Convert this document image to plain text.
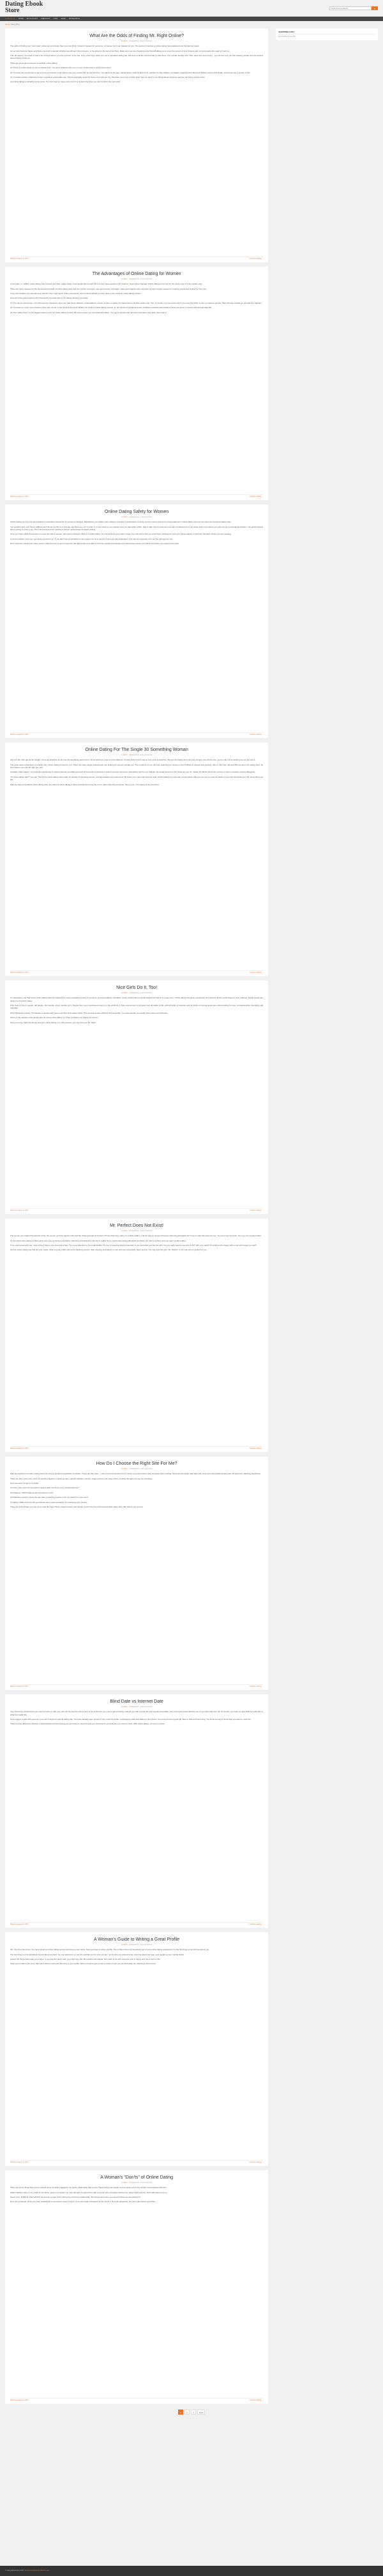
Dating Ebook Store
Search for products	⌕
CATALOG (0) HOME MY ACCOUNT CHECKOUT CART SHOP DATING BLOG
Home / Dating Blog
What Are the Odds of Finding Mr. Right Online?
by admin · Uncategorized · Leave a comment

The odds of finding your "soul mate" online are a lot better than you may think. It doesn't happen for everyone, of course, but it can happen for you. The secret of internet or online dating has explained over the last few years.

As our lives become busier and busier we tend to wonder whether we will ever find someone, or be alone for the rest of our lives. Make sure you are choosing a site that will allow you to meet the person of your dreams and not just people who want to hook up.

The old saying, "You have to kiss a lot of frogs before you find a prince" is so true. Only a few frogs when you use a reputable dating site, and look at all the pictures that go with them. For a small monthly fee? Then save time and money... you can be sure you are meeting people who are serious about finding someone.

There are a few good reasons to consider online dating:

(1) There is a wide range of men to choose from. You aren't limited to the men in your social circle or work environment.

(2) You have the opportunity to get to know a bit about a man before you ever contact him for the first time. You will know his age, marital status, what he likes to do, whether he has children, his height, weight and his likes and dislikes all from his profile. You'll even see a picture of him.

(3) You have a better chance to protect yourself in a favorable way. This is especially useful for those of us who are shy. We have more time to think about how we want to say things about ourselves and we can freely express them.

(4) Online dating is certainly a time saver. You can meet so many more men in a lot less time than you ever could in the real world.

Posted on August 11, 2017	Continue reading →
The Advantages of Online Dating for Women
by admin · Uncategorized · Leave a comment

In the past, i.e. 1990's, online dating was a brand new idea. Unlike today, most people did not own PC's or even have access to the internet. Times have changed. Online dating is not only for the nerdy ones. It's the modern way.

There are many reasons for the phenomenal growth of online dating sites and the number of people, men and women of all ages, races and religions who use them as their primary source for meeting people and looking for "the one".

If you don't believe me, just ask your friends in the "real" world. If they are honest, most of them will tell you they have or are using an online dating service.

Here are three good reasons why thousands of people sign up for dating services everyday:

(1) You can be anonymous. You will never be required to give your real name, address, email address, phone number, or place of employment to another online user. You, of course, may do so but only if your new friendship is one you want to pursue. Sites will only contact you through the website.

(2) You have so many more choices online that you do in your local social world. Before the world of online dating opened up, the choice of friends and even of lifetime partners was limited to those we came in contact with through daily life.

(3) The "safety factor" is the biggest reason of all. No online dating service will never reveal your personal information. You get to choose who has that information and when they have it.

Posted on August 11, 2017	Continue reading →
Online Dating Safety for Women
by admin · Uncategorized · Leave a comment

Online dating can be a fun and certainly a rewarding experience for women of all ages. Maintaining your safety when dating is it simply a combination of using common sense and some good judgement. Online safety rules are the same as real world safety rules.

You wouldn't give your name, address and phone number to a strange man that you met in a bar or on the street so you should never do that online either. Play it safe. Get to know the man who contacted you in an online chat room before you give out any personal information. Use good instincts about getting to know a guy. Don't be pressured into meeting a person just because he keeps asking.

Once you have made the decision to meet the man in person, plan well in advance. Meet in a public place. Let a friend know your plans. Keep your cell phone with you at all times. Arrange for your own transportation to and from the place where you are meeting.

If you're hesitant, trust your gut feeling and don't go. If you don't feel comfortable for any reason it's ok to cancel. A nice guy will understand. If he acts the opposite, he's not the right guy for you.

Don't rush into meeting the other person. Take the time to get to know him through emails and calls for the first meeting and always let a friend know where you will be and when you expect to be back.

Posted on August 11, 2017	Continue reading →
Online Dating For The Single 30 Something Woman
by admin · Uncategorized · Leave a comment

Life isn't fair. Men get all the breaks. You're as attractive as all your 20 something peers but for 30 somethings it seems to be different. At least that is how it seems from your perspective. Women are dating and marrying younger men all the time, yet so many 30 something women are alone.

The great news is that there is a better way. Online dating is here for you. There are many single professional men looking for women just like you. The numbers of men who are searching for women in their thirties is massive and growing. Men in their 30s, 40s and 50s are all on the dating sites. So why haven't you met the right guy yet?

Consider online dating. You have the opportunity to read hundreds of profiles and look at hundreds of pictures to search out that "someone" that will be right for you. Maybe not tonight and not in the same city you do, maybe he will be across the country or even in another country altogether.

"Is online dating safe?" you ask. There'll be online dating sites made up entirely of parenting women, sexual predators and scammers. But there are many sites that are safe. Online dating is a vast web of information that you can use to meet hundreds of men who are looking for the same thing you are.

With the help of reputable online dating sites, the world of online dating is there and fast-becoming the 'norm' rather than the exception. Give it a try. You might just be surprised.

Posted on August 11, 2017	Continue reading →
Nice Girls Do It, Too!
by admin · Uncategorized · Leave a comment

It is absolutely true that online online dating sites first started they were populated entirely by perverts, sexual predators, swindlers, social misfits and emotional wrecks but that is no longer true. Online dating has gone mainstream and has lost all the social stigma it once suffered. Single people are using it to find their mates.

Who does it? Don't people, tall people, thin people, shorts people do it. People from every developed country in the world do it. Men and women of all ages from all walks of life, with all kinds of interests and all kinds of income levels are online looking for love, companionship, friendship and marriage.

Why? Because it works. Thousands of people each year meet their soul mates online. The process is easy, efficient and enjoyable. You meet people you would never have met otherwise.

Some of the reasons most people give for using online dating: (1) Time (2) Money (3) Safety (4) Choice.

Now you know. Take the plunge and give online dating a try. Who knows, you may find your Mr. Right.

Posted on August 11, 2017	Continue reading →
Mr. Perfect Does Not Exist!
by admin · Uncategorized · Leave a comment

The sooner you realize this sad fact of life, the sooner you'll be happier with real life. Clean Enough for Perfect, Prince Charming, riding on a white stallion, and his way so hooves Princess Charming alongside him? Let me take this down for you. You won't ever find him. Your guy isn't perfect either.

It's true that online dating profiles paint every guy as being a wonderful, charming and attractive man but in reality he's a real human being with faults and flaws. No man is perfect. And you aren't perfect either.

If you are honest with you, most of them have a one-two-kind of flaw. Try to pay attention to the small details. The key is knowing what is important to you and what you can live with. Do you really need a man who is 6'2" with a six pack? Or could you be happy with a man who treats you well?

Find an online dating site that fits your needs. Write a great profile and post a flattering picture. Start meeting and talking to men who are real people, flaws and all. You may find that your "Mr. Perfect" is the man who is perfect for you.

Posted on August 11, 2017	Continue reading →
How Do I Choose the Right Site For Me?
by admin · Uncategorized · Leave a comment

With the explosion of online dating sites has come a virtual smorgasbord of choices. There are free sites... I don't recommend them but if money is a real concern, they are better than nothing. There are the larger paid sites with more and varied features like chat, IM and even matching algorithms.

There are also niche sites, sites for specific religious or ethnic groups, specific hobbies, seniors, single parents and many others. Finding the right one can be confusing.

Here are some things to consider:

(1) Cost. How much do you want to spend each month for your membership fee?

(2) Features. Which features are important to you?

(3) Matching systems. Does the site offer a matching system or do you search on your own?

(4) Safety. Make sure the site you choose has a good reputation for protecting your privacy.

There are a few things you can do to make the best choice. Read reviews, ask friends, and try the free trial memberships many sites offer before you commit.

Posted on August 11, 2017	Continue reading →
Blind Date vs Internet Date
by admin · Uncategorized · Leave a comment

Your friend has decided that you need to hook up with your own Mr. So-and-So who is sure to be perfect for you. He's a good looking, well-off guy with a good job and a great personality. Your friend just knows that the two of you will really hit it off. Of course, you have no idea what he looks like or what he's really like.

Now imagine a date with someone you met through an internet dating site. You have already seen photos of him, read his profile, exchanged emails and talked on the phone. You know he has a good job, likes to hike and has a dog. You know enough to know that you want to meet him.

There is a big difference between a well-intentioned friend saying you just have to meet him and you choosing for yourself who you want to meet. With online dating, you are in control.

Posted on August 11, 2017	Continue reading →
A Woman's Guide to Writing a Great Profile
by admin · Uncategorized · Leave a comment

OK...the time has come. You have joined an online dating service and have a user name. Now you have to write a profile. The profile is the most important part of your online dating experience. It's the first thing a man will see about you.

The first thing is to be absolutely honest about yourself. You are looking for a man who will like you for who you are, not for who you pretend to be. Don't lie about your age, your weight or your marital status.

Accent the things that make you unique. If you play the piano well, you might say that. Be positive and upbeat. Men want to be with someone who is happy and has a zest for life.

Keep your profile to the point. Men don't want to read your life story in your profile. Write enough to give a man a sense of who you are and leave him wanting to know more.

Posted on August 11, 2017	Continue reading →
A Woman's "Don'ts" of Online Dating
by admin · Uncategorized · Leave a comment

There are some things that women should never do while engaged in an online relationship with a man. These things are certain to put a quick end to any further conversations with him.

While chatting online or by email do not whine, gripe or complain. No man will want to spend time with a woman who complains all the time. Keep it light and fun. Don't talk about your ex.

Never, ever, EVER lie. Men will find out sooner or later and it will be the end of the relationship. Be honest about who you are and what you are looking for.

Don't be a stranger. Once you have established a connection, keep in touch. If you are really interested, let him know it. Don't be desperate, but don't play hard to get either.

Posted on August 11, 2017	Continue reading →
SHOPPING CART

No products in the cart.

1	2	3	Next
© Dating Ebook Store 2017. Storefront designed by WooThemes.
